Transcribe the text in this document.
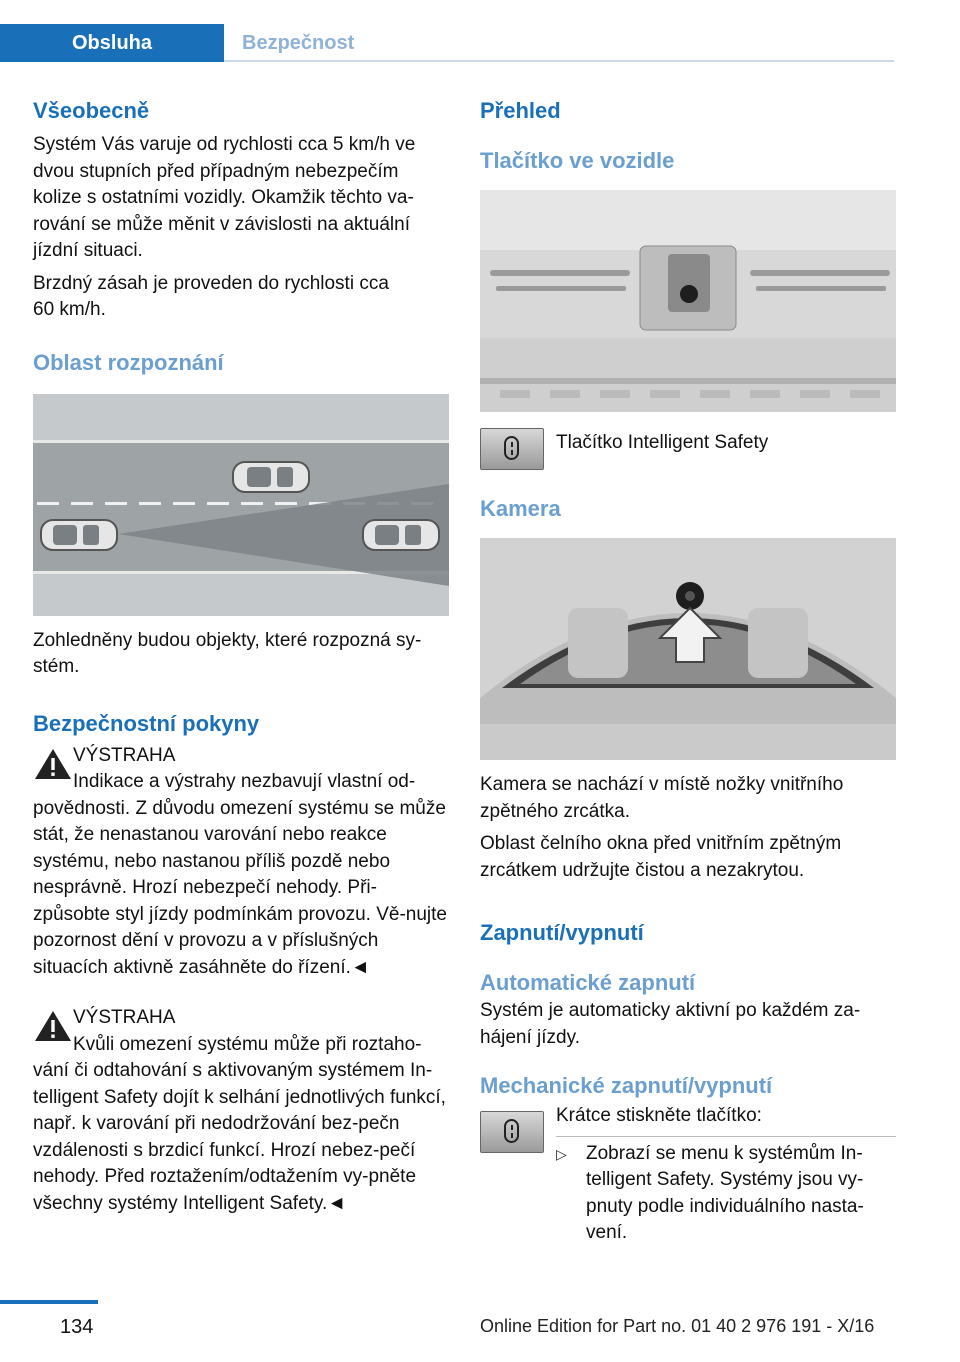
Obsluha	Bezpečnost
Všeobecně

Systém Vás varuje od rychlosti cca 5 km/h ve dvou stupních před případným nebezpečím kolize s ostatními vozidly. Okamžik těchto va‐rování se může měnit v závislosti na aktuální jízdní situaci.

Brzdný zásah je proveden do rychlosti cca
60 km/h.

Oblast rozpoznání

Zohledněny budou objekty, které rozpozná sy‐stém.

Bezpečnostní pokyny

VÝSTRAHA

Indikace a výstrahy nezbavují vlastní od‐povědnosti. Z důvodu omezení systému se může stát, že nenastanou varování nebo reakce systému, nebo nastanou příliš pozdě nebo nesprávně. Hrozí nebezpečí nehody. Při‐způsobte styl jízdy podmínkám provozu. Vě‐nujte pozornost dění v provozu a v příslušných situacích aktivně zasáhněte do řízení.◄

VÝSTRAHA

Kvůli omezení systému může při roztaho‐vání či odtahování s aktivovaným systémem In‐telligent Safety dojít k selhání jednotlivých funkcí, např. k varování při nedodržování bez‐pečn vzdálenosti s brzdicí funkcí. Hrozí nebez‐pečí nehody. Před roztažením/odtažením vy‐pněte všechny systémy Intelligent Safety.◄

Přehled
Tlačítko ve vozidle

Tlačítko Intelligent Safety

Kamera

Kamera se nachází v místě nožky vnitřního zpětného zrcátka.

Oblast čelního okna před vnitřním zpětným zrcátkem udržujte čistou a nezakrytou.

Zapnutí/vypnutí
Automatické zapnutí

Systém je automaticky aktivní po každém za‐hájení jízdy.

Mechanické zapnutí/vypnutí

Krátce stiskněte tlačítko:

▷	Zobrazí se menu k systémům In‐telligent Safety. Systémy jsou vy‐pnuty podle individuálního nasta‐vení.

134	Online Edition for Part no. 01 40 2 976 191 - X/16
